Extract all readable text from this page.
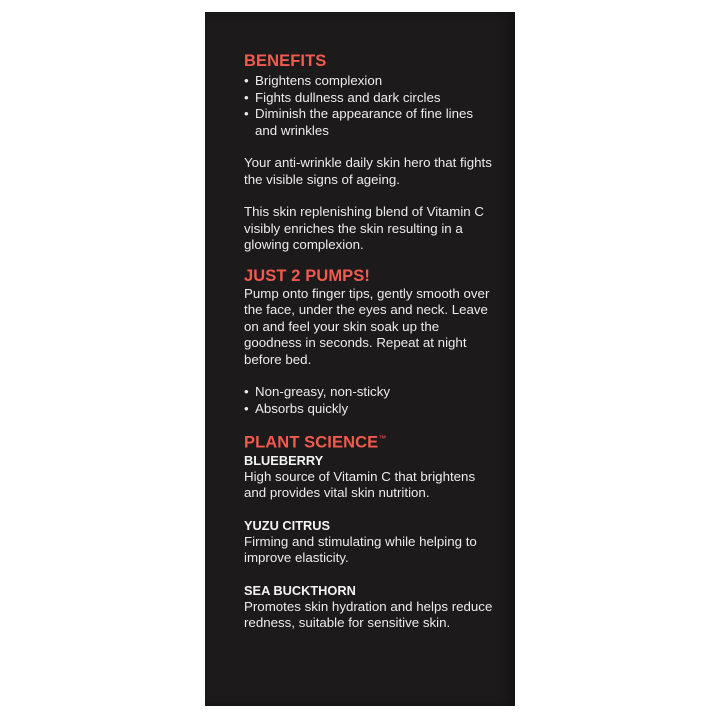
BENEFITS
• Brightens complexion
• Fights dullness and dark circles
• Diminish the appearance of fine lines and wrinkles

Your anti-wrinkle daily skin hero that fights the visible signs of ageing.

This skin replenishing blend of Vitamin C visibly enriches the skin resulting in a glowing complexion.

JUST 2 PUMPS!

Pump onto finger tips, gently smooth over the face, under the eyes and neck. Leave on and feel your skin soak up the goodness in seconds. Repeat at night before bed.

• Non-greasy, non-sticky
• Absorbs quickly
PLANT SCIENCE™
BLUEBERRY

High source of Vitamin C that brightens and provides vital skin nutrition.

YUZU CITRUS

Firming and stimulating while helping to improve elasticity.

SEA BUCKTHORN

Promotes skin hydration and helps reduce redness, suitable for sensitive skin.
